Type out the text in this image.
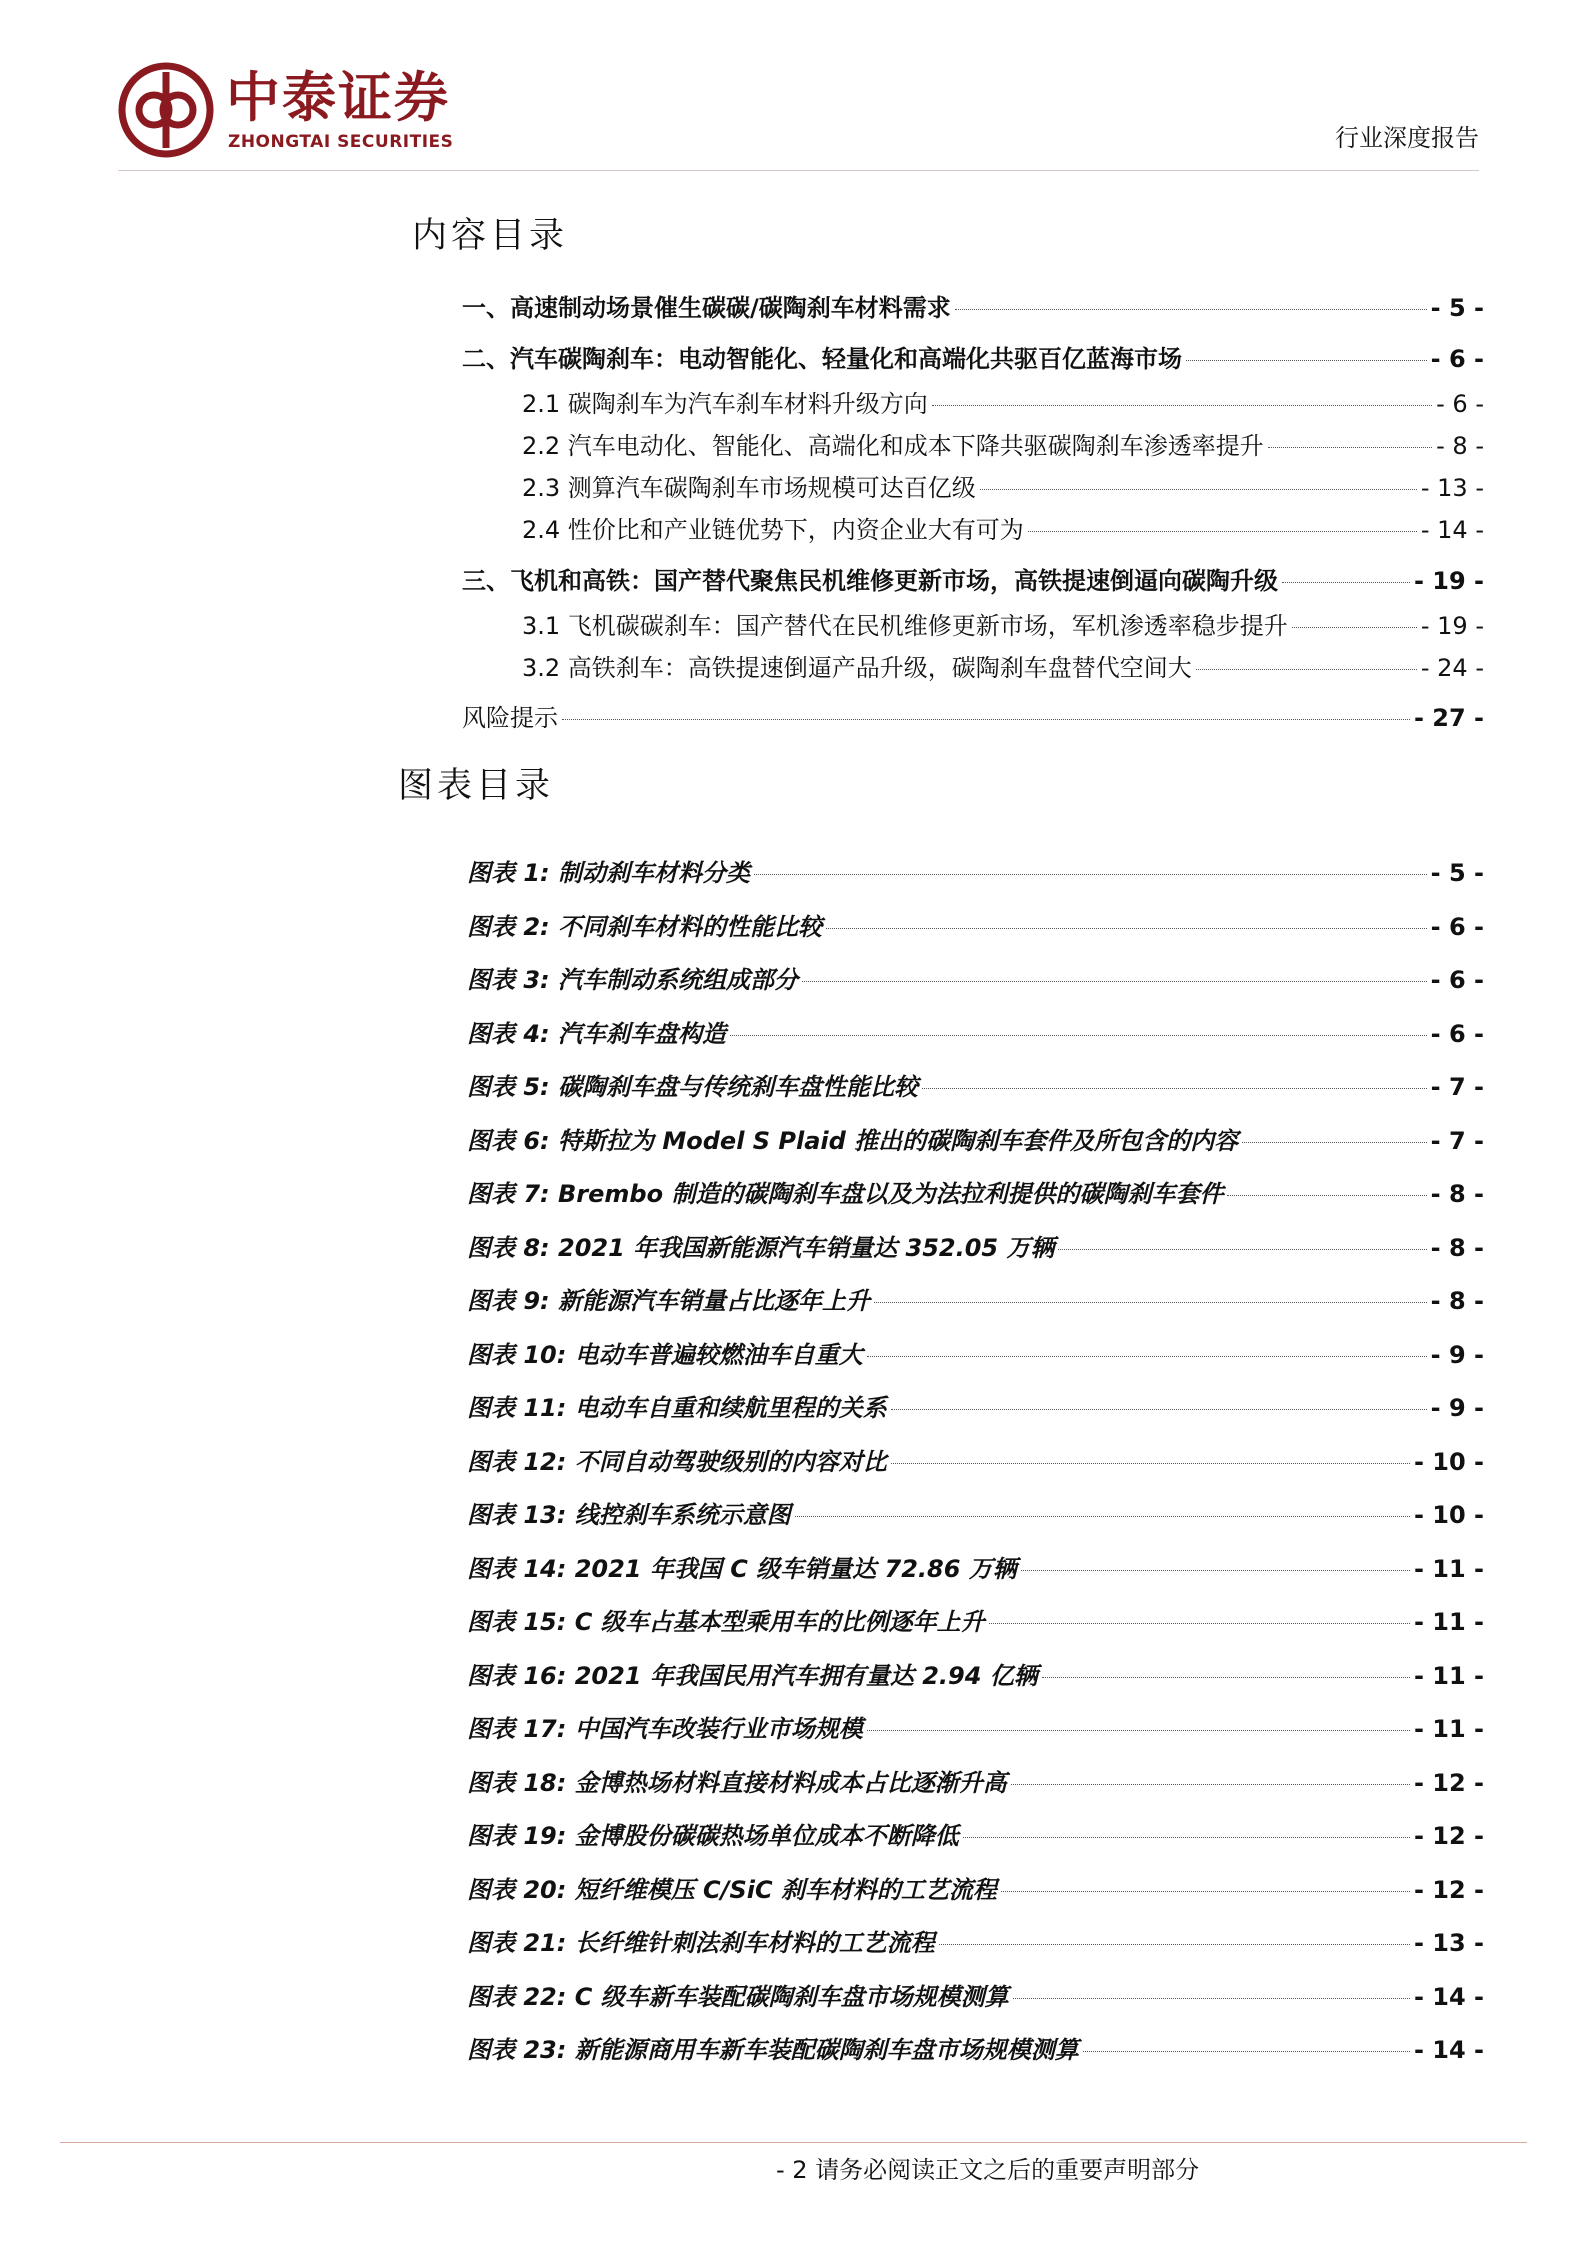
中泰证券
ZHONGTAI SECURITIES	行业深度报告
内容目录
一、高速制动场景催生碳碳/碳陶刹车材料需求	- 5 -
二、汽车碳陶刹车：电动智能化、轻量化和高端化共驱百亿蓝海市场	- 6 -
2.1 碳陶刹车为汽车刹车材料升级方向	- 6 -
2.2 汽车电动化、智能化、高端化和成本下降共驱碳陶刹车渗透率提升	- 8 -
2.3 测算汽车碳陶刹车市场规模可达百亿级	- 13 -
2.4 性价比和产业链优势下，内资企业大有可为	- 14 -
三、飞机和高铁：国产替代聚焦民机维修更新市场，高铁提速倒逼向碳陶升级	- 19 -
3.1 飞机碳碳刹车：国产替代在民机维修更新市场，军机渗透率稳步提升	- 19 -
3.2 高铁刹车：高铁提速倒逼产品升级，碳陶刹车盘替代空间大	- 24 -
风险提示	- 27 -
图表目录
图表 1: 制动刹车材料分类	- 5 -
图表 2: 不同刹车材料的性能比较	- 6 -
图表 3: 汽车制动系统组成部分	- 6 -
图表 4: 汽车刹车盘构造	- 6 -
图表 5: 碳陶刹车盘与传统刹车盘性能比较	- 7 -
图表 6: 特斯拉为 Model S Plaid 推出的碳陶刹车套件及所包含的内容	- 7 -
图表 7: Brembo 制造的碳陶刹车盘以及为法拉利提供的碳陶刹车套件	- 8 -
图表 8: 2021 年我国新能源汽车销量达 352.05 万辆	- 8 -
图表 9: 新能源汽车销量占比逐年上升	- 8 -
图表 10: 电动车普遍较燃油车自重大	- 9 -
图表 11: 电动车自重和续航里程的关系	- 9 -
图表 12: 不同自动驾驶级别的内容对比	- 10 -
图表 13: 线控刹车系统示意图	- 10 -
图表 14: 2021 年我国 C 级车销量达 72.86 万辆	- 11 -
图表 15: C 级车占基本型乘用车的比例逐年上升	- 11 -
图表 16: 2021 年我国民用汽车拥有量达 2.94 亿辆	- 11 -
图表 17: 中国汽车改装行业市场规模	- 11 -
图表 18: 金博热场材料直接材料成本占比逐渐升高	- 12 -
图表 19: 金博股份碳碳热场单位成本不断降低	- 12 -
图表 20: 短纤维模压 C/SiC 刹车材料的工艺流程	- 12 -
图表 21: 长纤维针刺法刹车材料的工艺流程	- 13 -
图表 22: C 级车新车装配碳陶刹车盘市场规模测算	- 14 -
图表 23: 新能源商用车新车装配碳陶刹车盘市场规模测算	- 14 -
- 2 请务必阅读正文之后的重要声明部分
